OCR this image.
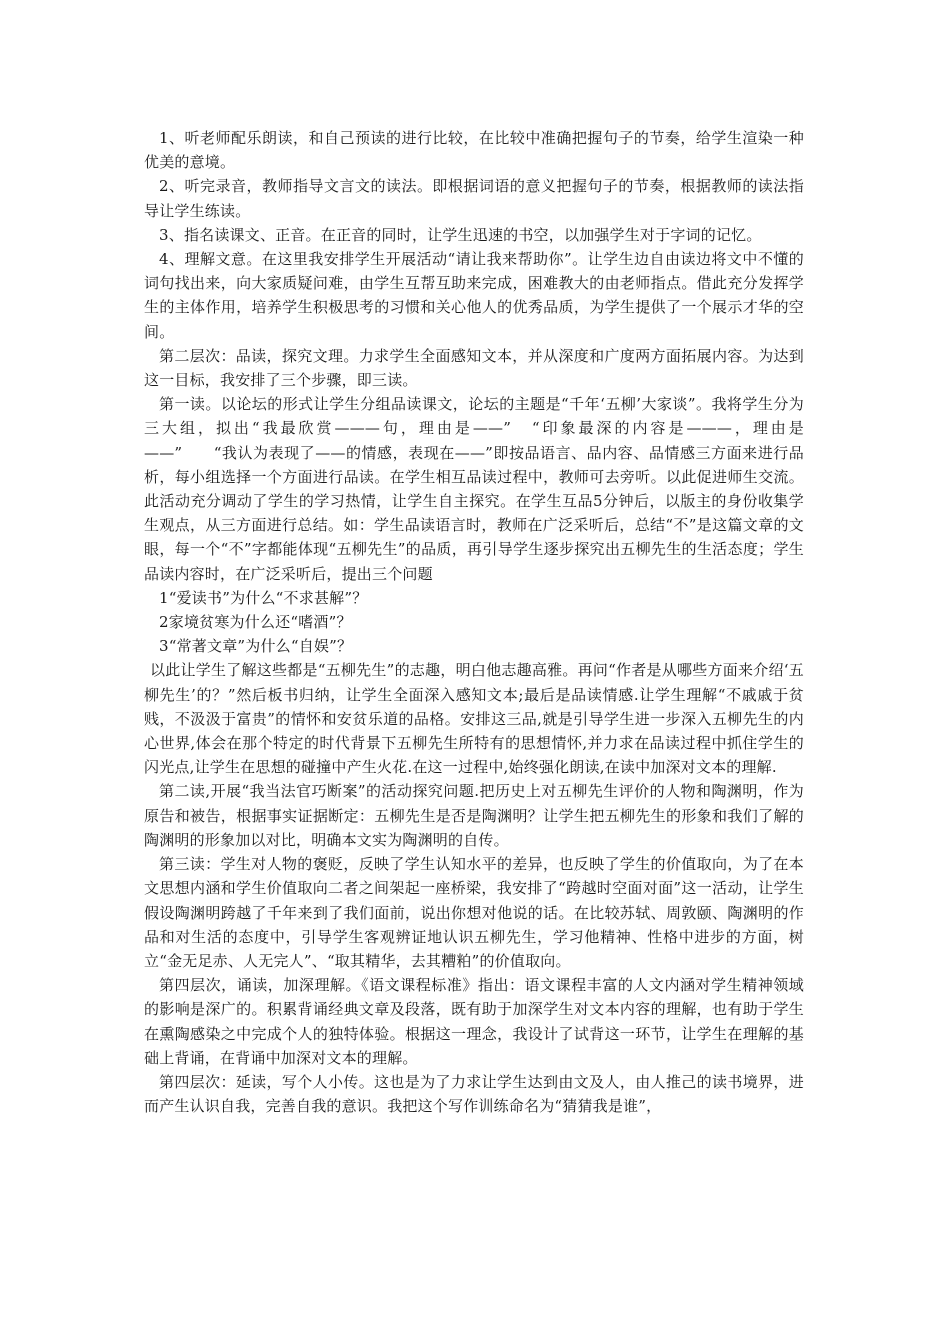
1、听老师配乐朗读，和自己预读的进行比较，在比较中准确把握句子的节奏，给学生渲染一种优美的意境。

2、听完录音，教师指导文言文的读法。即根据词语的意义把握句子的节奏，根据教师的读法指导让学生练读。

3、指名读课文、正音。在正音的同时，让学生迅速的书空，以加强学生对于字词的记忆。

4、理解文意。在这里我安排学生开展活动“请让我来帮助你”。让学生边自由读边将文中不懂的词句找出来，向大家质疑问难，由学生互帮互助来完成，困难教大的由老师指点。借此充分发挥学生的主体作用，培养学生积极思考的习惯和关心他人的优秀品质，为学生提供了一个展示才华的空间。

第二层次：品读，探究文理。力求学生全面感知文本，并从深度和广度两方面拓展内容。为达到这一目标，我安排了三个步骤，即三读。

第一读。以论坛的形式让学生分组品读课文，论坛的主题是“千年‘五柳’大家谈”。我将学生分为三大组，拟出“我最欣赏———句，理由是——”　“印象最深的内容是———，理由是——”　　“我认为表现了——的情感，表现在——”即按品语言、品内容、品情感三方面来进行品析，每小组选择一个方面进行品读。在学生相互品读过程中，教师可去旁听。以此促进师生交流。此活动充分调动了学生的学习热情，让学生自主探究。在学生互品5分钟后，以版主的身份收集学生观点，从三方面进行总结。如：学生品读语言时，教师在广泛采听后，总结“不”是这篇文章的文眼，每一个“不”字都能体现“五柳先生”的品质，再引导学生逐步探究出五柳先生的生活态度；学生品读内容时，在广泛采听后，提出三个问题

1“爱读书”为什么“不求甚解”？

2家境贫寒为什么还“嗜酒”？

3“常著文章”为什么“自娱”？

以此让学生了解这些都是“五柳先生”的志趣，明白他志趣高雅。再问“作者是从哪些方面来介绍‘五柳先生’的？”然后板书归纳，让学生全面深入感知文本;最后是品读情感.让学生理解“不戚戚于贫贱，不汲汲于富贵”的情怀和安贫乐道的品格。安排这三品,就是引导学生进一步深入五柳先生的内心世界,体会在那个特定的时代背景下五柳先生所特有的思想情怀,并力求在品读过程中抓住学生的闪光点,让学生在思想的碰撞中产生火花.在这一过程中,始终强化朗读,在读中加深对文本的理解.

第二读,开展“我当法官巧断案”的活动探究问题.把历史上对五柳先生评价的人物和陶渊明，作为原告和被告，根据事实证据断定：五柳先生是否是陶渊明？让学生把五柳先生的形象和我们了解的陶渊明的形象加以对比，明确本文实为陶渊明的自传。

第三读：学生对人物的褒贬，反映了学生认知水平的差异，也反映了学生的价值取向，为了在本文思想内涵和学生价值取向二者之间架起一座桥梁，我安排了“跨越时空面对面”这一活动，让学生假设陶渊明跨越了千年来到了我们面前，说出你想对他说的话。在比较苏轼、周敦颐、陶渊明的作品和对生活的态度中，引导学生客观辨证地认识五柳先生，学习他精神、性格中进步的方面，树立“金无足赤、人无完人”、“取其精华，去其糟粕”的价值取向。

第四层次，诵读，加深理解。《语文课程标准》指出：语文课程丰富的人文内涵对学生精神领域的影响是深广的。积累背诵经典文章及段落，既有助于加深学生对文本内容的理解，也有助于学生在熏陶感染之中完成个人的独特体验。根据这一理念，我设计了试背这一环节，让学生在理解的基础上背诵，在背诵中加深对文本的理解。

第四层次：延读，写个人小传。这也是为了力求让学生达到由文及人，由人推己的读书境界，进而产生认识自我，完善自我的意识。我把这个写作训练命名为“猜猜我是谁”，
